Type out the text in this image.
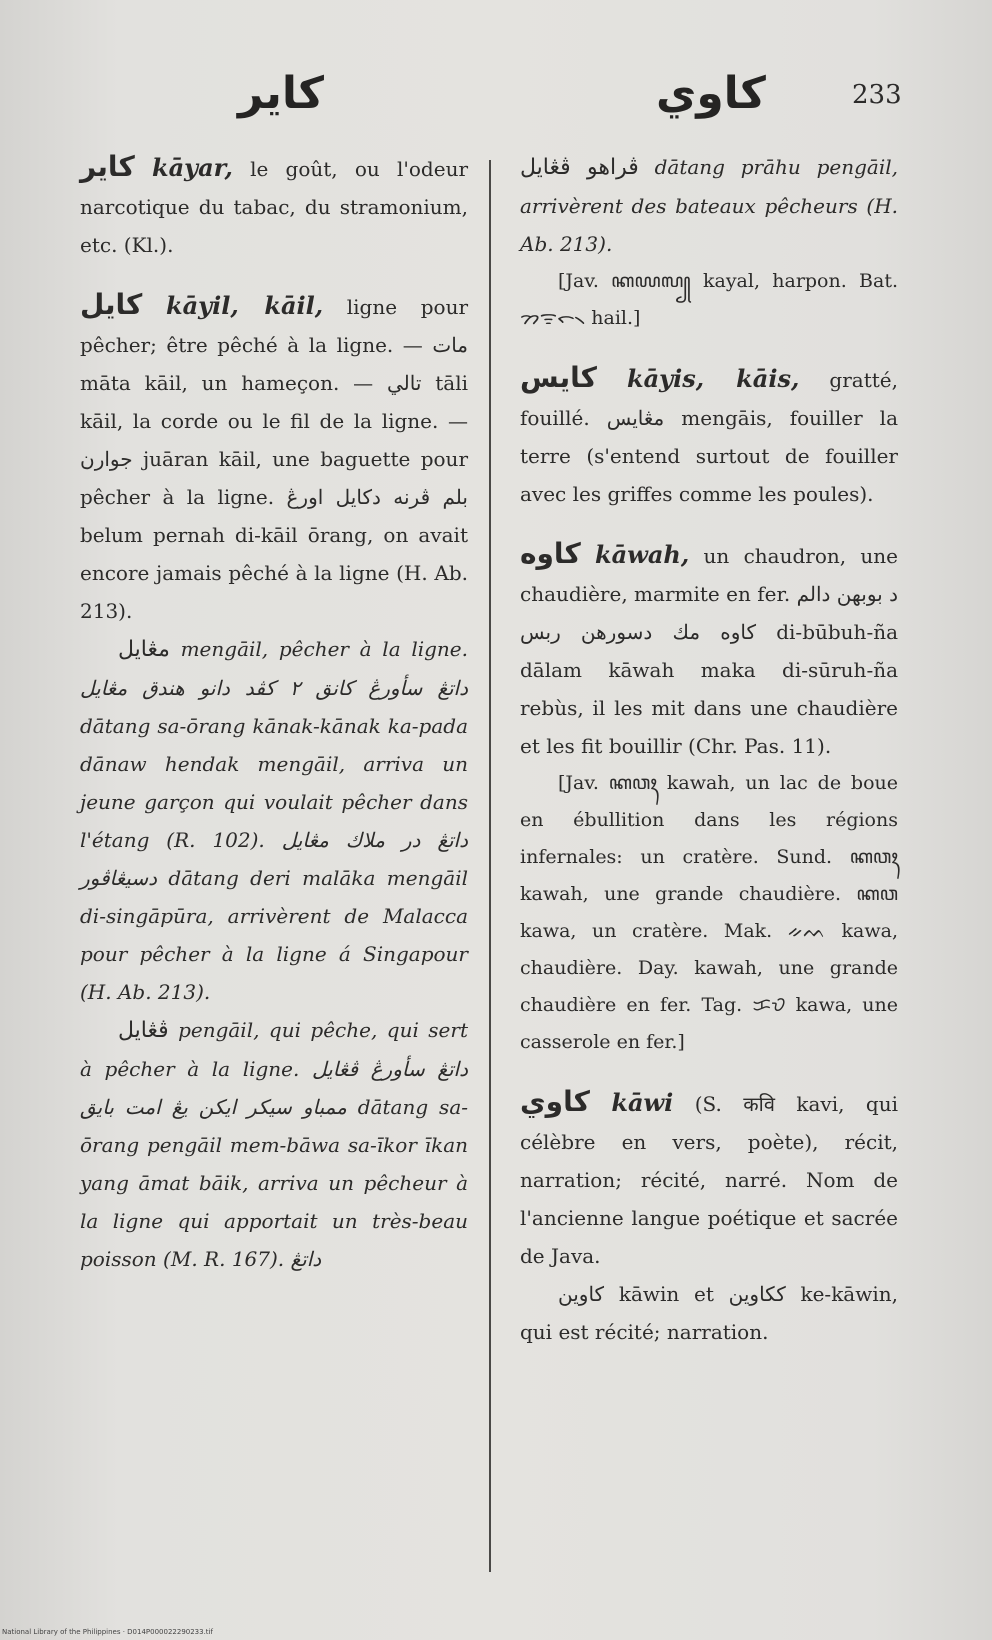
كاير	كاوي	233

كاير kāyar, le goût, ou l'odeur narcotique du tabac, du stramonium, etc. (Kl.).

كايل kāyil, kāil, ligne pour pêcher; être pêché à la ligne. — مات māta kāil, un hameçon. — تالي tāli kāil, la corde ou le fil de la ligne. — جوارن juāran kāil, une baguette pour pêcher à la ligne. بلم ڤرنه دكايل اورڠ belum pernah di-kāil ōrang, on avait encore jamais pêché à la ligne (H. Ab. 213).

مڠايل mengāil, pêcher à la ligne. داتڠ سأورڠ كانق ٢ كڤد دانو هندق مڠايل dātang sa-ōrang kānak-kānak ka-pada dānaw hendak mengāil, arriva un jeune garçon qui voulait pêcher dans l'étang (R. 102). داتڠ در ملاك مڠايل دسيڠاڤور dātang deri malāka mengāil di-singāpūra, arrivèrent de Malacca pour pêcher à la ligne á Singapour (H. Ab. 213).

ڤڠايل pengāil, qui pêche, qui sert à pêcher à la ligne. داتڠ سأورڠ ڤڠايل ممباو سيكر ايكن يڠ امت بايق dātang sa-ōrang pengāil mem-bāwa sa-īkor īkan yang āmat bāik, arriva un pêcheur à la ligne qui apportait un très-beau poisson (M. R. 167). داتڠ

ڤراهو ڤڠايل dātang prāhu pengāil, arrivèrent des bateaux pêcheurs (H. Ab. 213).

[Jav. ꦏꦪꦭ꧀ kayal, harpon. Bat. ᯂᯤᯞ᯲ hail.]

كايس kāyis, kāis, gratté, fouillé. مڠايس mengāis, fouiller la terre (s'entend surtout de fouiller avec les griffes comme les poules).

كاوه kāwah, un chaudron, une chaudière, marmite en fer. د بوبهن دالم كاوه مك دسورهن ربس di-būbuh-ña dālam kāwah maka di-sūruh-ña rebùs, il les mit dans une chaudière et les fit bouillir (Chr. Pas. 11).

[Jav. ꦏꦮꦃ kawah, un lac de boue en ébullition dans les régions infernales: un cratère. Sund. ꦏꦮꦃ kawah, une grande chaudière. ꦏꦮ kawa, un cratère. Mak. ᨀᨓ kawa, chaudière. Day. kawah, une grande chaudière en fer. Tag. ᜃᜏ kawa, une casserole en fer.]

كاوي kāwi (S. कवि kavi, qui célèbre en vers, poète), récit, narration; récité, narré. Nom de l'ancienne langue poétique et sacrée de Java.

كاوين kāwin et ككاوين ke-kāwin, qui est récité; narration.

National Library of the Philippines · D014P000022290233.tif
